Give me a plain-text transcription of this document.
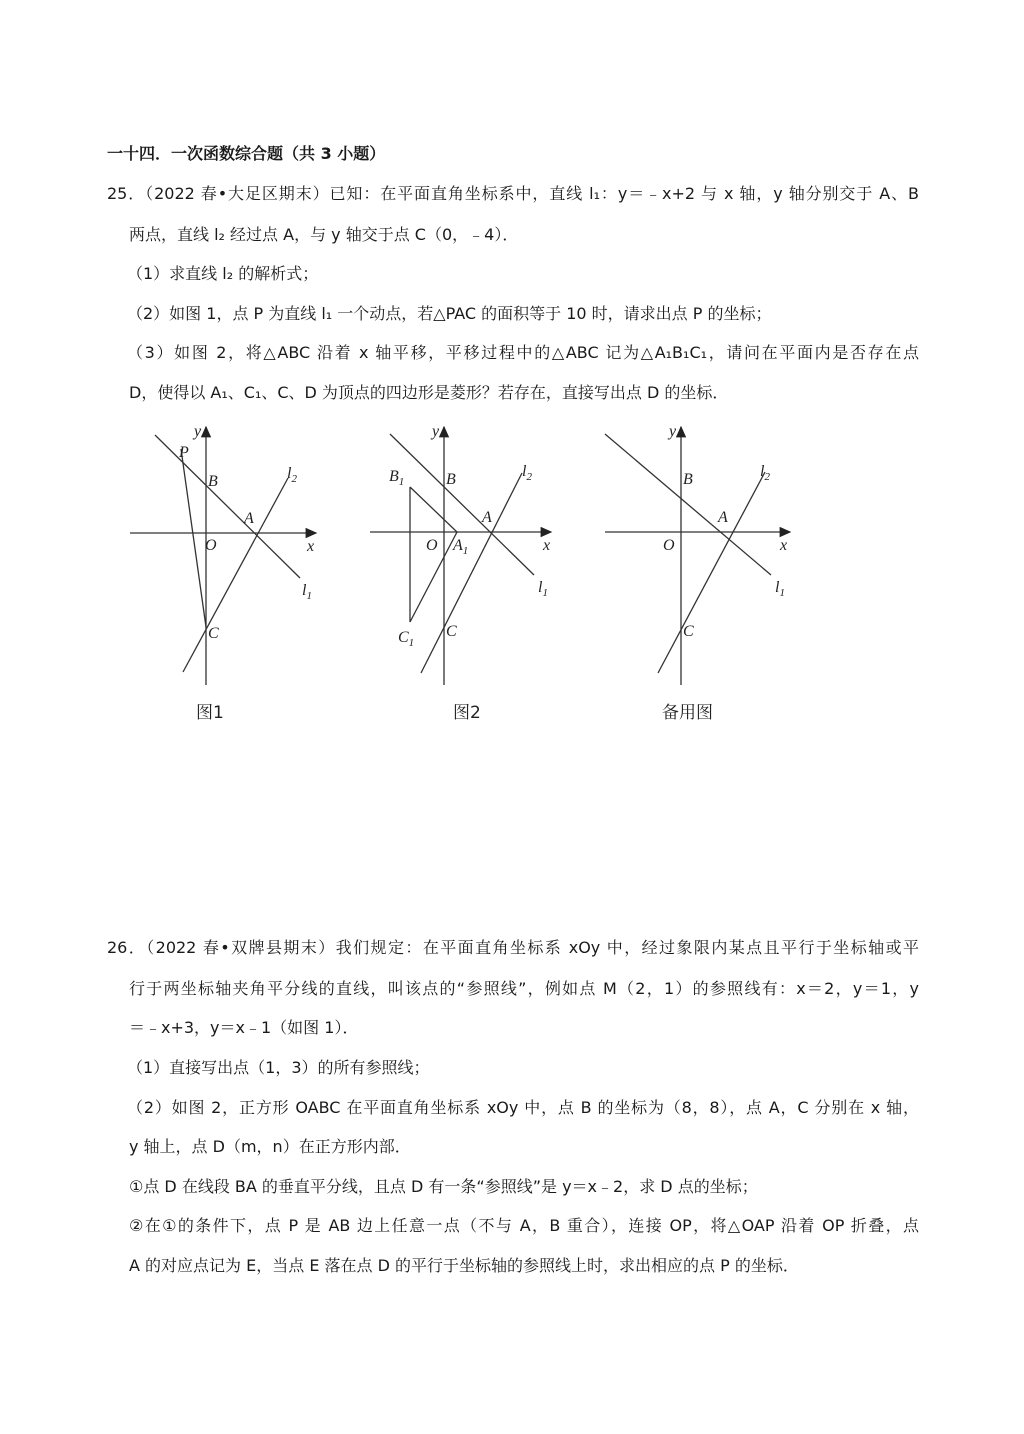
一十四．一次函数综合题（共 3 小题）
25．（2022 春•大足区期末）已知：在平面直角坐标系中，直线 l₁：y＝﹣x+2 与 x 轴，y 轴分别交于 A、B
两点，直线 l₂ 经过点 A，与 y 轴交于点 C（0，﹣4）．
（1）求直线 l₂ 的解析式；
（2）如图 1，点 P 为直线 l₁ 一个动点，若△PAC 的面积等于 10 时，请求出点 P 的坐标；
（3）如图 2，将△ABC 沿着 x 轴平移，平移过程中的△ABC 记为△A₁B₁C₁，请问在平面内是否存在点
D，使得以 A₁、C₁、C、D 为顶点的四边形是菱形？若存在，直接写出点 D 的坐标．
y
x
O
A
B
C
P
$l_2$
$l_1$
图1
y
x
O
A
B
C
$B_1$
$C_1$
$A_1$
$l_2$
$l_1$
图2
y
x
O
A
B
C
$l_2$
$l_1$
备用图
26．（2022 春•双牌县期末）我们规定：在平面直角坐标系 xOy 中，经过象限内某点且平行于坐标轴或平
行于两坐标轴夹角平分线的直线，叫该点的“参照线”，例如点 M（2，1）的参照线有：x＝2，y＝1，y
＝﹣x+3，y＝x﹣1（如图 1）．
（1）直接写出点（1，3）的所有参照线；
（2）如图 2，正方形 OABC 在平面直角坐标系 xOy 中，点 B 的坐标为（8，8），点 A，C 分别在 x 轴，
y 轴上，点 D（m，n）在正方形内部．
①点 D 在线段 BA 的垂直平分线，且点 D 有一条“参照线”是 y＝x﹣2，求 D 点的坐标；
②在①的条件下，点 P 是 AB 边上任意一点（不与 A，B 重合），连接 OP，将△OAP 沿着 OP 折叠，点
A 的对应点记为 E，当点 E 落在点 D 的平行于坐标轴的参照线上时，求出相应的点 P 的坐标．
